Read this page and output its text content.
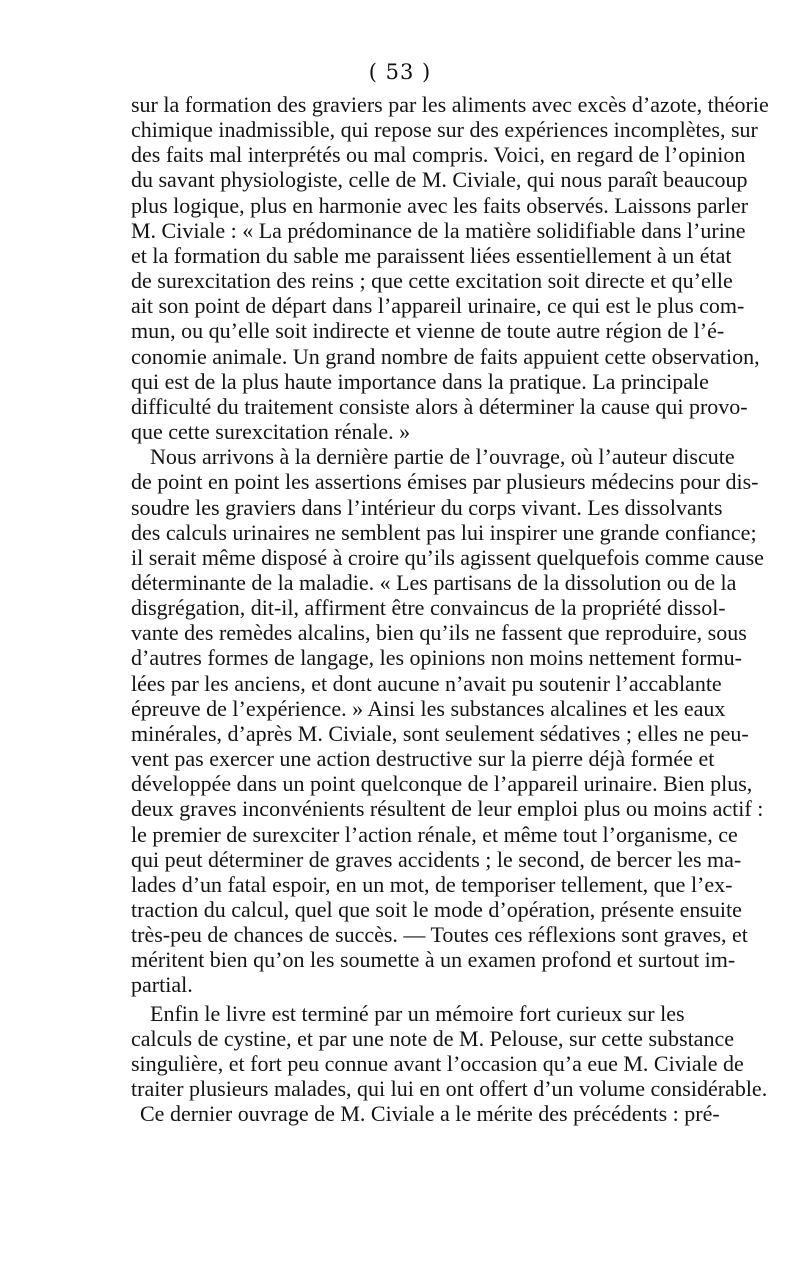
( 53 )
sur la formation des graviers par les aliments avec excès d’azote, théorie
chimique inadmissible, qui repose sur des expériences incomplètes, sur
des faits mal interprétés ou mal compris. Voici, en regard de l’opinion
du savant physiologiste, celle de M. Civiale, qui nous paraît beaucoup
plus logique, plus en harmonie avec les faits observés. Laissons parler
M. Civiale : « La prédominance de la matière solidifiable dans l’urine
et la formation du sable me paraissent liées essentiellement à un état
de surexcitation des reins ; que cette excitation soit directe et qu’elle
ait son point de départ dans l’appareil urinaire, ce qui est le plus com-
mun, ou qu’elle soit indirecte et vienne de toute autre région de l’é-
conomie animale. Un grand nombre de faits appuient cette observation,
qui est de la plus haute importance dans la pratique. La principale
difficulté du traitement consiste alors à déterminer la cause qui provo-
que cette surexcitation rénale. »
Nous arrivons à la dernière partie de l’ouvrage, où l’auteur discute
de point en point les assertions émises par plusieurs médecins pour dis-
soudre les graviers dans l’intérieur du corps vivant. Les dissolvants
des calculs urinaires ne semblent pas lui inspirer une grande confiance;
il serait même disposé à croire qu’ils agissent quelquefois comme cause
déterminante de la maladie. « Les partisans de la dissolution ou de la
disgrégation, dit-il, affirment être convaincus de la propriété dissol-
vante des remèdes alcalins, bien qu’ils ne fassent que reproduire, sous
d’autres formes de langage, les opinions non moins nettement formu-
lées par les anciens, et dont aucune n’avait pu soutenir l’accablante
épreuve de l’expérience. » Ainsi les substances alcalines et les eaux
minérales, d’après M. Civiale, sont seulement sédatives ; elles ne peu-
vent pas exercer une action destructive sur la pierre déjà formée et
développée dans un point quelconque de l’appareil urinaire. Bien plus,
deux graves inconvénients résultent de leur emploi plus ou moins actif :
le premier de surexciter l’action rénale, et même tout l’organisme, ce
qui peut déterminer de graves accidents ; le second, de bercer les ma-
lades d’un fatal espoir, en un mot, de temporiser tellement, que l’ex-
traction du calcul, quel que soit le mode d’opération, présente ensuite
très-peu de chances de succès. — Toutes ces réflexions sont graves, et
méritent bien qu’on les soumette à un examen profond et surtout im-
partial.
Enfin le livre est terminé par un mémoire fort curieux sur les
calculs de cystine, et par une note de M. Pelouse, sur cette substance
singulière, et fort peu connue avant l’occasion qu’a eue M. Civiale de
traiter plusieurs malades, qui lui en ont offert d’un volume considérable.
Ce dernier ouvrage de M. Civiale a le mérite des précédents : pré-
